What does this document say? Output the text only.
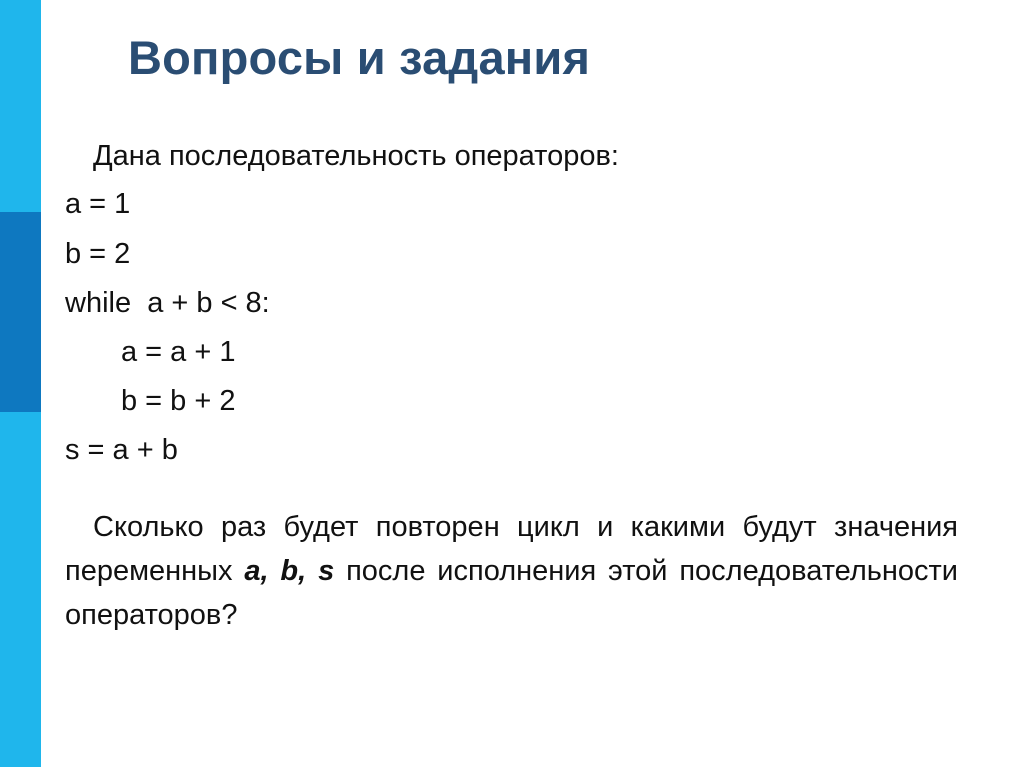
Вопросы и задания
Дана последовательность операторов:
a = 1
b = 2
while  a + b < 8:
a = a + 1
b = b + 2
s = a + b

Сколько раз будет повторен цикл и какими будут значения переменных a, b, s после исполнения этой последовательности операторов?
